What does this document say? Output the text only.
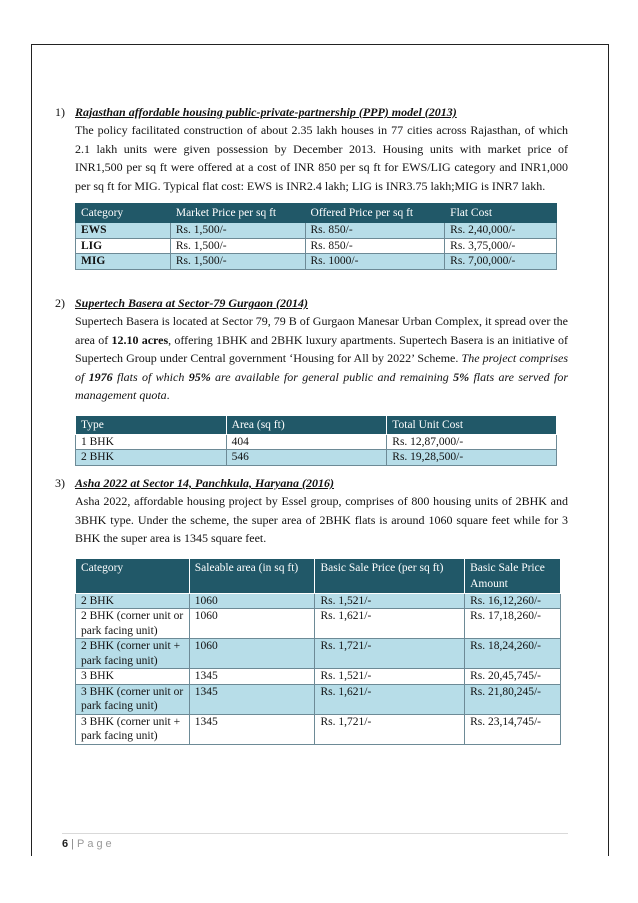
1) Rajasthan affordable housing public-private-partnership (PPP) model (2013)
The policy facilitated construction of about 2.35 lakh houses in 77 cities across Rajasthan, of which 2.1 lakh units were given possession by December 2013. Housing units with market price of INR1,500 per sq ft were offered at a cost of INR 850 per sq ft for EWS/LIG category and INR1,000 per sq ft for MIG. Typical flat cost: EWS is INR2.4 lakh; LIG is INR3.75 lakh;MIG is INR7 lakh.
Category	Market Price per sq ft	Offered Price per sq ft	Flat Cost
EWS	Rs. 1,500/-	Rs. 850/-	Rs. 2,40,000/-
LIG	Rs. 1,500/-	Rs. 850/-	Rs. 3,75,000/-
MIG	Rs. 1,500/-	Rs. 1000/-	Rs. 7,00,000/-
2) Supertech Basera at Sector-79 Gurgaon (2014)
Supertech Basera is located at Sector 79, 79 B of Gurgaon Manesar Urban Complex, it spread over the area of 12.10 acres, offering 1BHK and 2BHK luxury apartments. Supertech Basera is an initiative of Supertech Group under Central government ‘Housing for All by 2022’ Scheme. The project comprises of 1976 flats of which 95% are available for general public and remaining 5% flats are served for management quota.
Type	Area (sq ft)	Total Unit Cost
1 BHK	404	Rs. 12,87,000/-
2 BHK	546	Rs. 19,28,500/-
3) Asha 2022 at Sector 14, Panchkula, Haryana (2016)
Asha 2022, affordable housing project by Essel group, comprises of 800 housing units of 2BHK and 3BHK type. Under the scheme, the super area of 2BHK flats is around 1060 square feet while for 3 BHK the super area is 1345 square feet.
Category	Saleable area (in sq ft)	Basic Sale Price (per sq ft)	Basic Sale Price Amount
2 BHK	1060	Rs. 1,521/-	Rs. 16,12,260/-
2 BHK (corner unit or park facing unit)	1060	Rs. 1,621/-	Rs. 17,18,260/-
2 BHK (corner unit + park facing unit)	1060	Rs. 1,721/-	Rs. 18,24,260/-
3 BHK	1345	Rs. 1,521/-	Rs. 20,45,745/-
3 BHK (corner unit or park facing unit)	1345	Rs. 1,621/-	Rs. 21,80,245/-
3 BHK (corner unit + park facing unit)	1345	Rs. 1,721/-	Rs. 23,14,745/-
6 | Page
